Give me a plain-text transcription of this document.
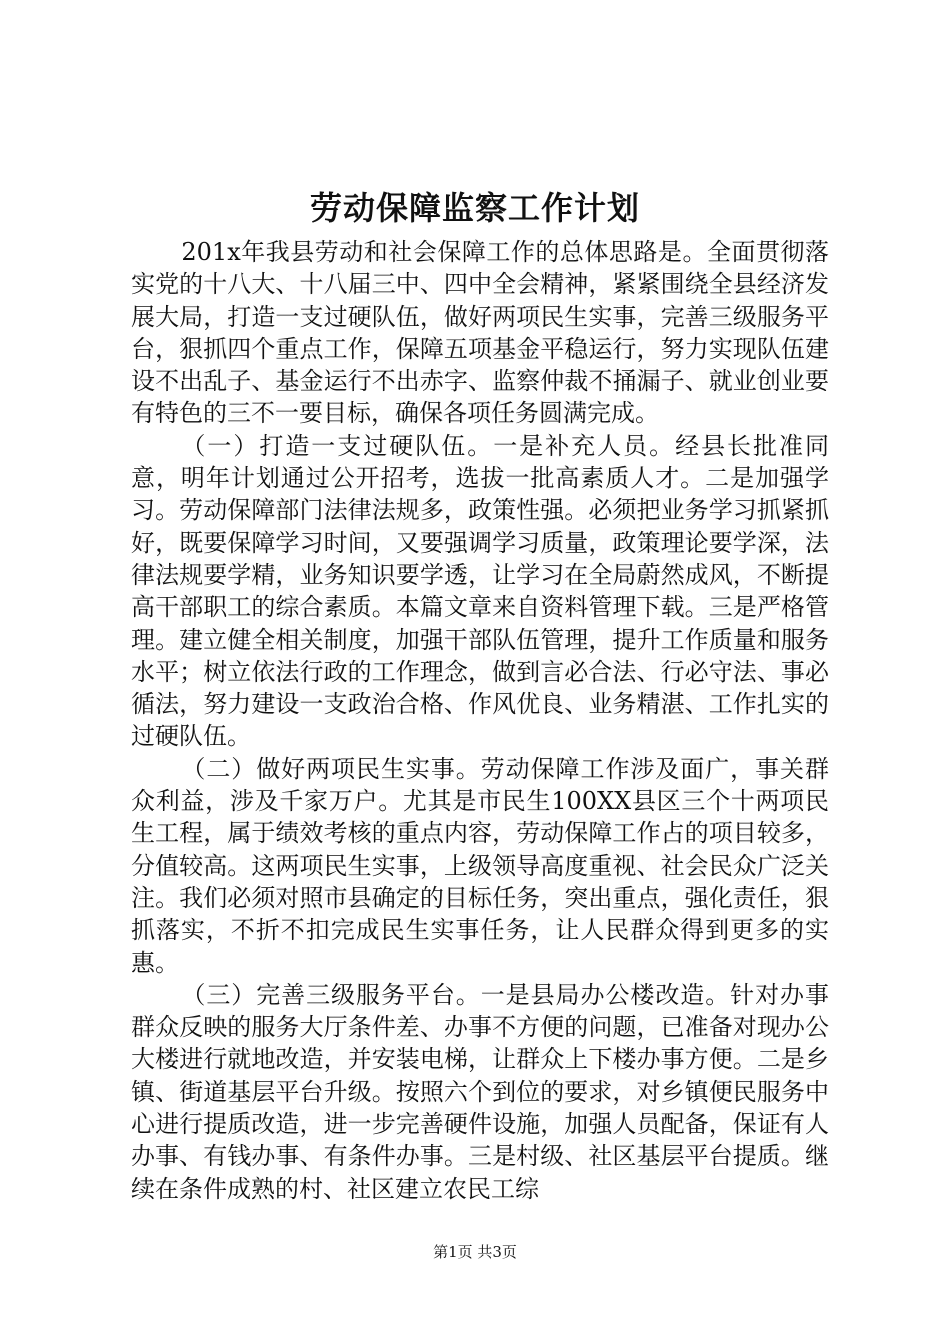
劳动保障监察工作计划

201x年我县劳动和社会保障工作的总体思路是。全面贯彻落实党的十八大、十八届三中、四中全会精神，紧紧围绕全县经济发展大局，打造一支过硬队伍，做好两项民生实事，完善三级服务平台，狠抓四个重点工作，保障五项基金平稳运行，努力实现队伍建设不出乱子、基金运行不出赤字、监察仲裁不捅漏子、就业创业要有特色的三不一要目标，确保各项任务圆满完成。

（一）打造一支过硬队伍。一是补充人员。经县长批准同意，明年计划通过公开招考，选拔一批高素质人才。二是加强学习。劳动保障部门法律法规多，政策性强。必须把业务学习抓紧抓好，既要保障学习时间，又要强调学习质量，政策理论要学深，法律法规要学精，业务知识要学透，让学习在全局蔚然成风，不断提高干部职工的综合素质。本篇文章来自资料管理下载。三是严格管理。建立健全相关制度，加强干部队伍管理，提升工作质量和服务水平；树立依法行政的工作理念，做到言必合法、行必守法、事必循法，努力建设一支政治合格、作风优良、业务精湛、工作扎实的过硬队伍。

（二）做好两项民生实事。劳动保障工作涉及面广，事关群众利益，涉及千家万户。尤其是市民生100XX县区三个十两项民生工程，属于绩效考核的重点内容，劳动保障工作占的项目较多，分值较高。这两项民生实事，上级领导高度重视、社会民众广泛关注。我们必须对照市县确定的目标任务，突出重点，强化责任，狠抓落实，不折不扣完成民生实事任务，让人民群众得到更多的实惠。

（三）完善三级服务平台。一是县局办公楼改造。针对办事群众反映的服务大厅条件差、办事不方便的问题，已准备对现办公大楼进行就地改造，并安装电梯，让群众上下楼办事方便。二是乡镇、街道基层平台升级。按照六个到位的要求，对乡镇便民服务中心进行提质改造，进一步完善硬件设施，加强人员配备，保证有人办事、有钱办事、有条件办事。三是村级、社区基层平台提质。继续在条件成熟的村、社区建立农民工综

第1页 共3页
